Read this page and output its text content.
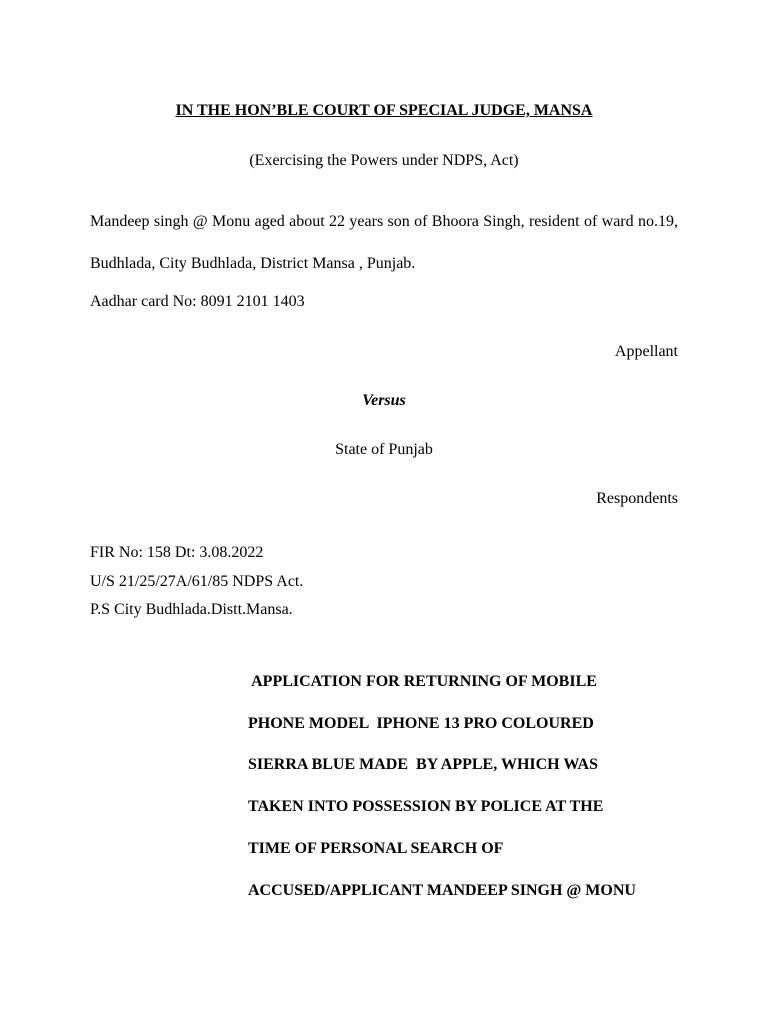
IN THE HON’BLE COURT OF SPECIAL JUDGE, MANSA
(Exercising the Powers under NDPS, Act)
Mandeep singh @ Monu aged about 22 years son of Bhoora Singh, resident of ward no.19, Budhlada, City Budhlada, District Mansa , Punjab.
Aadhar card No: 8091 2101 1403
Appellant
Versus
State of Punjab
Respondents
FIR No: 158 Dt: 3.08.2022
U/S 21/25/27A/61/85 NDPS Act.
P.S City Budhlada.Distt.Mansa.
APPLICATION FOR RETURNING OF MOBILE
PHONE MODEL  IPHONE 13 PRO COLOURED
SIERRA BLUE MADE  BY APPLE, WHICH WAS
TAKEN INTO POSSESSION BY POLICE AT THE
TIME OF PERSONAL SEARCH OF
ACCUSED/APPLICANT MANDEEP SINGH @ MONU
